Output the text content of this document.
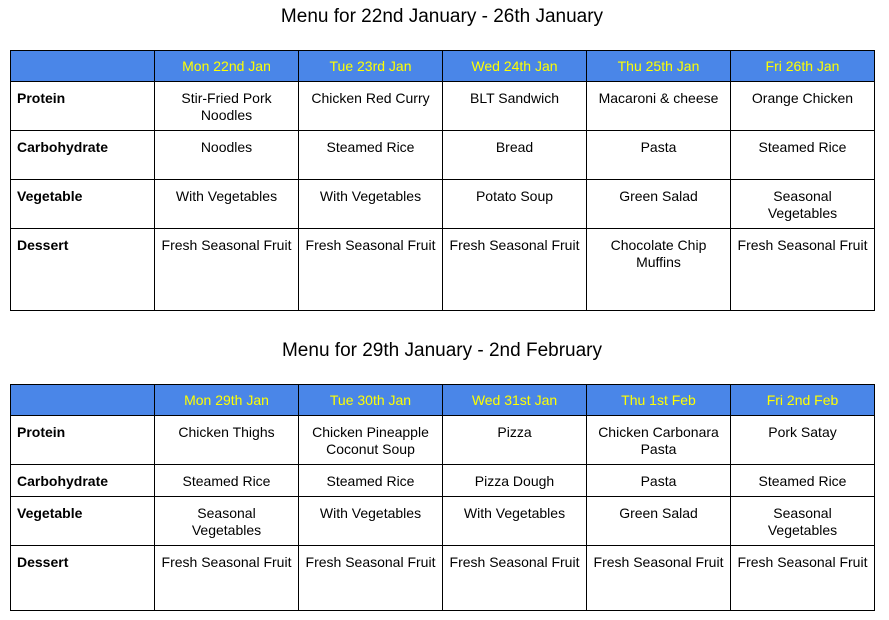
Menu for 22nd January - 26th January
	Mon 22nd Jan	Tue 23rd Jan	Wed 24th Jan	Thu 25th Jan	Fri 26th Jan
Protein	Stir-Fried Pork Noodles	Chicken Red Curry	BLT Sandwich	Macaroni & cheese	Orange Chicken
Carbohydrate	Noodles	Steamed Rice	Bread	Pasta	Steamed Rice
Vegetable	With Vegetables	With Vegetables	Potato Soup	Green Salad	Seasonal Vegetables
Dessert	Fresh Seasonal Fruit	Fresh Seasonal Fruit	Fresh Seasonal Fruit	Chocolate Chip Muffins	Fresh Seasonal Fruit
Menu for 29th January - 2nd February
	Mon 29th Jan	Tue 30th Jan	Wed 31st Jan	Thu 1st Feb	Fri 2nd Feb
Protein	Chicken Thighs	Chicken Pineapple Coconut Soup	Pizza	Chicken Carbonara Pasta	Pork Satay
Carbohydrate	Steamed Rice	Steamed Rice	Pizza Dough	Pasta	Steamed Rice
Vegetable	Seasonal Vegetables	With Vegetables	With Vegetables	Green Salad	Seasonal Vegetables
Dessert	Fresh Seasonal Fruit	Fresh Seasonal Fruit	Fresh Seasonal Fruit	Fresh Seasonal Fruit	Fresh Seasonal Fruit
